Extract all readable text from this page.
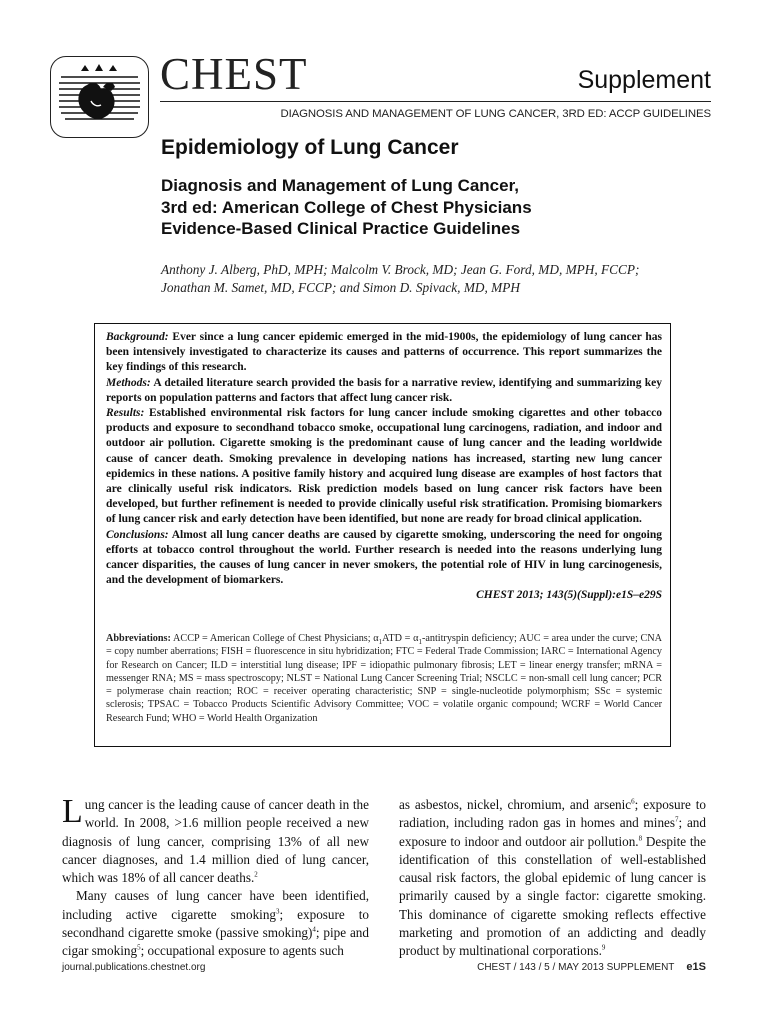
CHEST	Supplement
DIAGNOSIS AND MANAGEMENT OF LUNG CANCER, 3RD ED: ACCP GUIDELINES
Epidemiology of Lung Cancer
Diagnosis and Management of Lung Cancer,
3rd ed: American College of Chest Physicians
Evidence-Based Clinical Practice Guidelines
Anthony J. Alberg, PhD, MPH; Malcolm V. Brock, MD; Jean G. Ford, MD, MPH, FCCP;
Jonathan M. Samet, MD, FCCP; and Simon D. Spivack, MD, MPH

Background: Ever since a lung cancer epidemic emerged in the mid-1900s, the epidemiology of lung cancer has been intensively investigated to characterize its causes and patterns of occurrence. This report summarizes the key findings of this research.

Methods: A detailed literature search provided the basis for a narrative review, identifying and summarizing key reports on population patterns and factors that affect lung cancer risk.

Results: Established environmental risk factors for lung cancer include smoking cigarettes and other tobacco products and exposure to secondhand tobacco smoke, occupational lung carcinogens, radiation, and indoor and outdoor air pollution. Cigarette smoking is the predominant cause of lung cancer and the leading worldwide cause of cancer death. Smoking prevalence in developing nations has increased, starting new lung cancer epidemics in these nations. A positive family history and acquired lung disease are examples of host factors that are clinically useful risk indicators. Risk prediction models based on lung cancer risk factors have been developed, but further refinement is needed to provide clinically useful risk stratification. Promising biomarkers of lung cancer risk and early detection have been identified, but none are ready for broad clinical application.

Conclusions: Almost all lung cancer deaths are caused by cigarette smoking, underscoring the need for ongoing efforts at tobacco control throughout the world. Further research is needed into the reasons underlying lung cancer disparities, the causes of lung cancer in never smokers, the potential role of HIV in lung carcinogenesis, and the development of biomarkers.

CHEST 2013; 143(5)(Suppl):e1S–e29S
Abbreviations: ACCP = American College of Chest Physicians; $\alpha_1ATD$ = $\alpha_1$-antitryspin deficiency; AUC = area under the curve; CNA = copy number aberrations; FISH = fluorescence in situ hybridization; FTC = Federal Trade Commission; IARC = International Agency for Research on Cancer; ILD = interstitial lung disease; IPF = idiopathic pulmonary fibrosis; LET = linear energy transfer; mRNA = messenger RNA; MS = mass spectroscopy; NLST = National Lung Cancer Screening Trial; NSCLC = non-small cell lung cancer; PCR = polymerase chain reaction; ROC = receiver operating characteristic; SNP = single-nucleotide polymorphism; SSc = systemic sclerosis; TPSAC = Tobacco Products Scientific Advisory Committee; VOC = volatile organic compound; WCRF = World Cancer Research Fund; WHO = World Health Organization

Lung cancer is the leading cause of cancer death in the world. In 2008, >1.6 million people received a new diagnosis of lung cancer, comprising 13% of all new cancer diagnoses, and 1.4 million died of lung cancer, which was 18% of all cancer deaths.$^2$

Many causes of lung cancer have been identified, including active cigarette smoking$^3$; exposure to secondhand cigarette smoke (passive smoking)$^4$; pipe and cigar smoking$^5$; occupational exposure to agents such

as asbestos, nickel, chromium, and arsenic$^6$; exposure to radiation, including radon gas in homes and mines$^7$; and exposure to indoor and outdoor air pollution.$^8$ Despite the identification of this constellation of well-established causal risk factors, the global epidemic of lung cancer is primarily caused by a single factor: cigarette smoking. This dominance of cigarette smoking reflects effective marketing and promotion of an addicting and deadly product by multinational corporations.$^9$

journal.publications.chestnet.org	CHEST / 143 / 5 / MAY 2013 SUPPLEMENT e1S
